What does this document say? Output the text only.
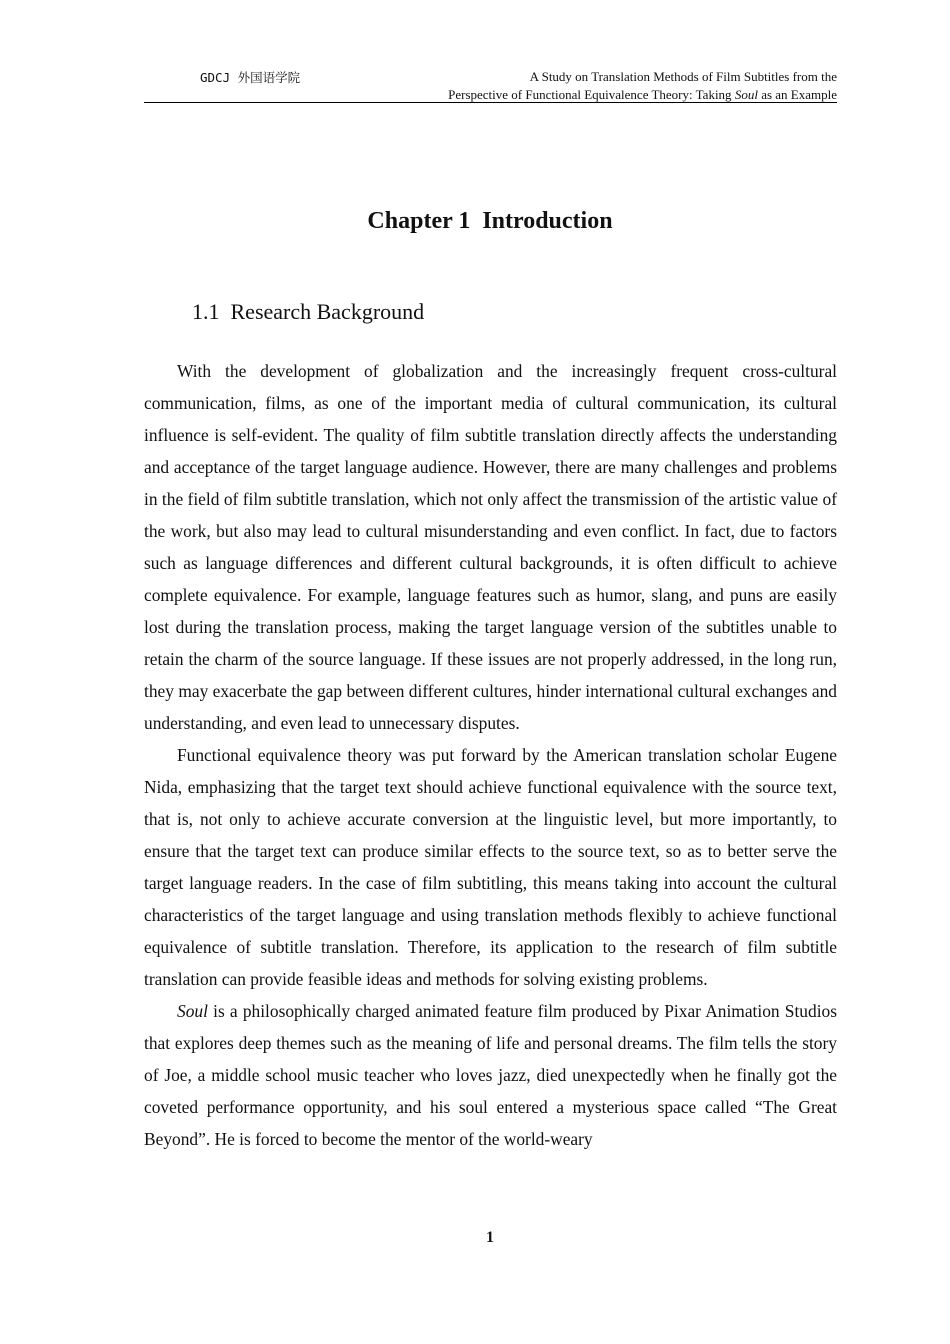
GDCJ 外国语学院	A Study on Translation Methods of Film Subtitles from the
Perspective of Functional Equivalence Theory: Taking Soul as an Example
Chapter 1  Introduction
1.1  Research Background

With the development of globalization and the increasingly frequent cross-cultural communication, films, as one of the important media of cultural communication, its cultural influence is self-evident. The quality of film subtitle translation directly affects the understanding and acceptance of the target language audience. However, there are many challenges and problems in the field of film subtitle translation, which not only affect the transmission of the artistic value of the work, but also may lead to cultural misunderstanding and even conflict. In fact, due to factors such as language differences and different cultural backgrounds, it is often difficult to achieve complete equivalence. For example, language features such as humor, slang, and puns are easily lost during the translation process, making the target language version of the subtitles unable to retain the charm of the source language. If these issues are not properly addressed, in the long run, they may exacerbate the gap between different cultures, hinder international cultural exchanges and understanding, and even lead to unnecessary disputes.

Functional equivalence theory was put forward by the American translation scholar Eugene Nida, emphasizing that the target text should achieve functional equivalence with the source text, that is, not only to achieve accurate conversion at the linguistic level, but more importantly, to ensure that the target text can produce similar effects to the source text, so as to better serve the target language readers. In the case of film subtitling, this means taking into account the cultural characteristics of the target language and using translation methods flexibly to achieve functional equivalence of subtitle translation. Therefore, its application to the research of film subtitle translation can provide feasible ideas and methods for solving existing problems.

Soul is a philosophically charged animated feature film produced by Pixar Animation Studios that explores deep themes such as the meaning of life and personal dreams. The film tells the story of Joe, a middle school music teacher who loves jazz, died unexpectedly when he finally got the coveted performance opportunity, and his soul entered a mysterious space called “The Great Beyond”. He is forced to become the mentor of the world-weary

1
